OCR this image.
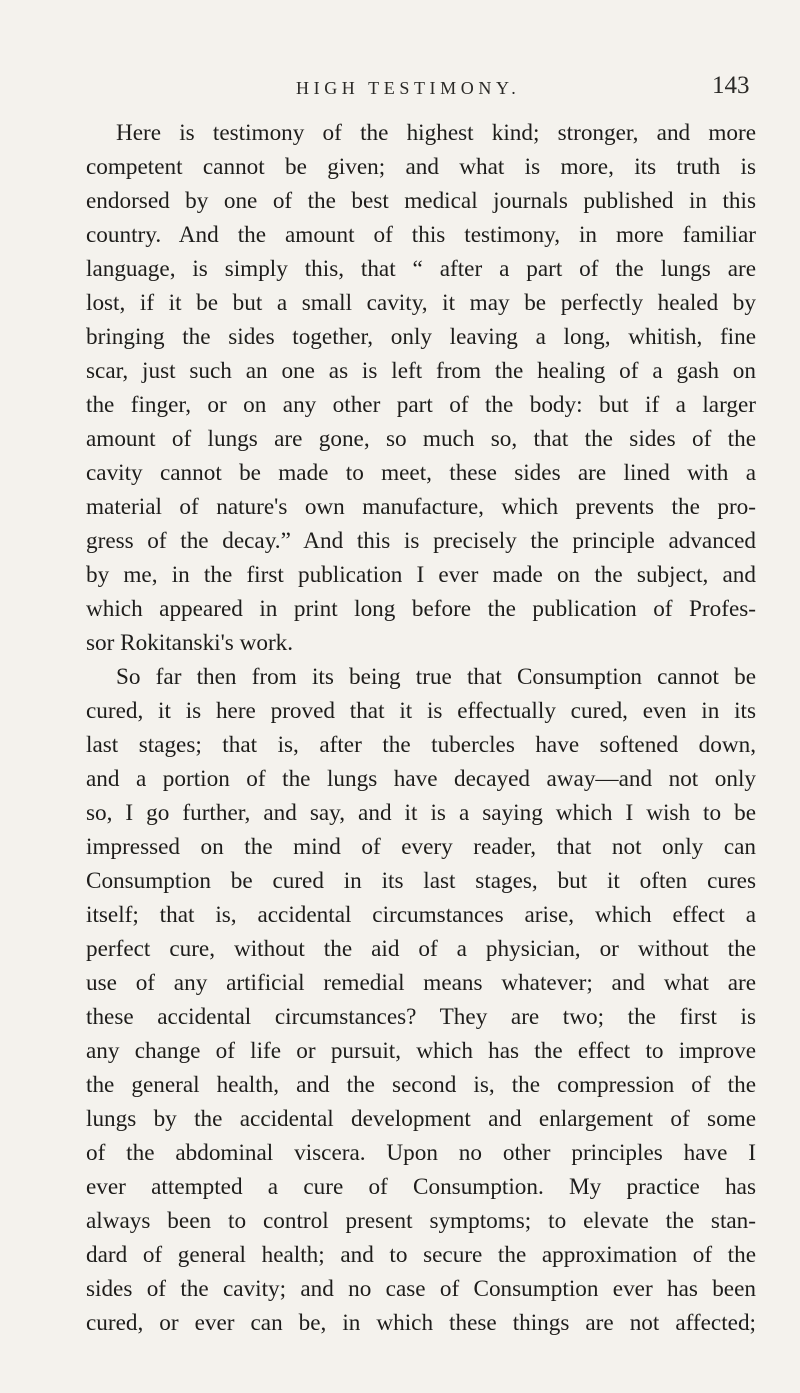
HIGH TESTIMONY.	143
Here is testimony of the highest kind; stronger, and more
competent cannot be given; and what is more, its truth is
endorsed by one of the best medical journals published in this
country. And the amount of this testimony, in more familiar
language, is simply this, that “ after a part of the lungs are
lost, if it be but a small cavity, it may be perfectly healed by
bringing the sides together, only leaving a long, whitish, fine
scar, just such an one as is left from the healing of a gash on
the finger, or on any other part of the body: but if a larger
amount of lungs are gone, so much so, that the sides of the
cavity cannot be made to meet, these sides are lined with a
material of nature's own manufacture, which prevents the pro-
gress of the decay.” And this is precisely the principle advanced
by me, in the first publication I ever made on the subject, and
which appeared in print long before the publication of Profes-
sor Rokitanski's work.
So far then from its being true that Consumption cannot be
cured, it is here proved that it is effectually cured, even in its
last stages; that is, after the tubercles have softened down,
and a portion of the lungs have decayed away—and not only
so, I go further, and say, and it is a saying which I wish to be
impressed on the mind of every reader, that not only can
Consumption be cured in its last stages, but it often cures
itself; that is, accidental circumstances arise, which effect a
perfect cure, without the aid of a physician, or without the
use of any artificial remedial means whatever; and what are
these accidental circumstances? They are two; the first is
any change of life or pursuit, which has the effect to improve
the general health, and the second is, the compression of the
lungs by the accidental development and enlargement of some
of the abdominal viscera. Upon no other principles have I
ever attempted a cure of Consumption. My practice has
always been to control present symptoms; to elevate the stan-
dard of general health; and to secure the approximation of the
sides of the cavity; and no case of Consumption ever has been
cured, or ever can be, in which these things are not affected;
